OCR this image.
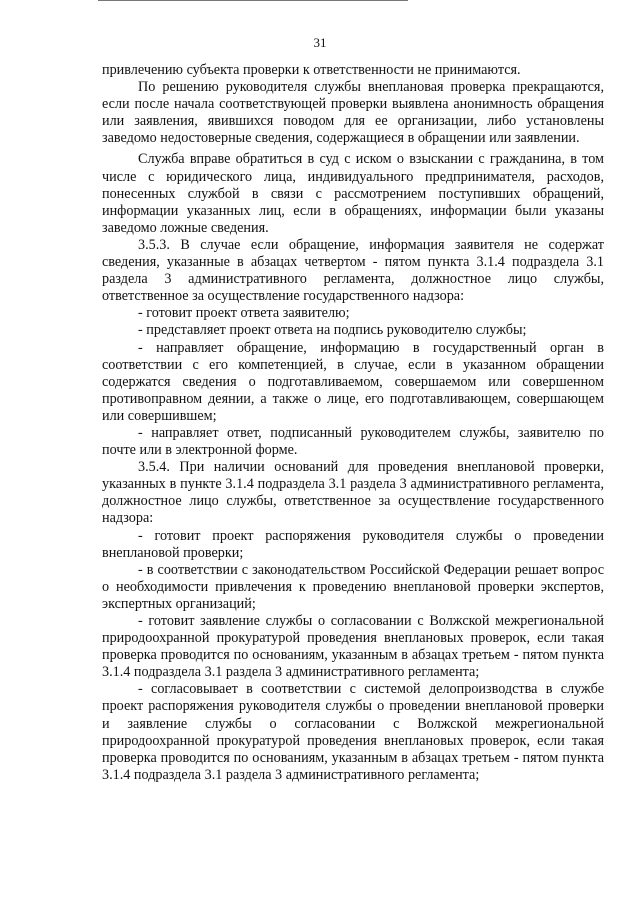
31

привлечению субъекта проверки к ответственности не принимаются.

По решению руководителя службы внеплановая проверка прекращаются, если после начала соответствующей проверки выявлена анонимность обращения или заявления, явившихся поводом для ее организации, либо установлены заведомо недостоверные сведения, содержащиеся в обращении или заявлении.

Служба вправе обратиться в суд с иском о взыскании с гражданина, в том числе с юридического лица, индивидуального предпринимателя, расходов, понесенных службой в связи с рассмотрением поступивших обращений, информации указанных лиц, если в обращениях, информации были указаны заведомо ложные сведения.

3.5.3. В случае если обращение, информация заявителя не содержат сведения, указанные в абзацах четвертом - пятом пункта 3.1.4 подраздела 3.1 раздела 3 административного регламента, должностное лицо службы, ответственное за осуществление государственного надзора:

- готовит проект ответа заявителю;

- представляет проект ответа на подпись руководителю службы;

- направляет обращение, информацию в государственный орган в соответствии с его компетенцией, в случае, если в указанном обращении содержатся сведения о подготавливаемом, совершаемом или совершенном противоправном деянии, а также о лице, его подготавливающем, совершающем или совершившем;

- направляет ответ, подписанный руководителем службы, заявителю по почте или в электронной форме.

3.5.4. При наличии оснований для проведения внеплановой проверки, указанных в пункте 3.1.4 подраздела 3.1 раздела 3 административного регламента, должностное лицо службы, ответственное за осуществление государственного надзора:

- готовит проект распоряжения руководителя службы о проведении внеплановой проверки;

- в соответствии с законодательством Российской Федерации решает вопрос о необходимости привлечения к проведению внеплановой проверки экспертов, экспертных организаций;

- готовит заявление службы о согласовании с Волжской межрегиональной природоохранной прокуратурой проведения внеплановых проверок, если такая проверка проводится по основаниям, указанным в абзацах третьем - пятом пункта 3.1.4 подраздела 3.1 раздела 3 административного регламента;

- согласовывает в соответствии с системой делопроизводства в службе проект распоряжения руководителя службы о проведении внеплановой проверки и заявление службы о согласовании с Волжской межрегиональной природоохранной прокуратурой проведения внеплановых проверок, если такая проверка проводится по основаниям, указанным в абзацах третьем - пятом пункта 3.1.4 подраздела 3.1 раздела 3 административного регламента;
